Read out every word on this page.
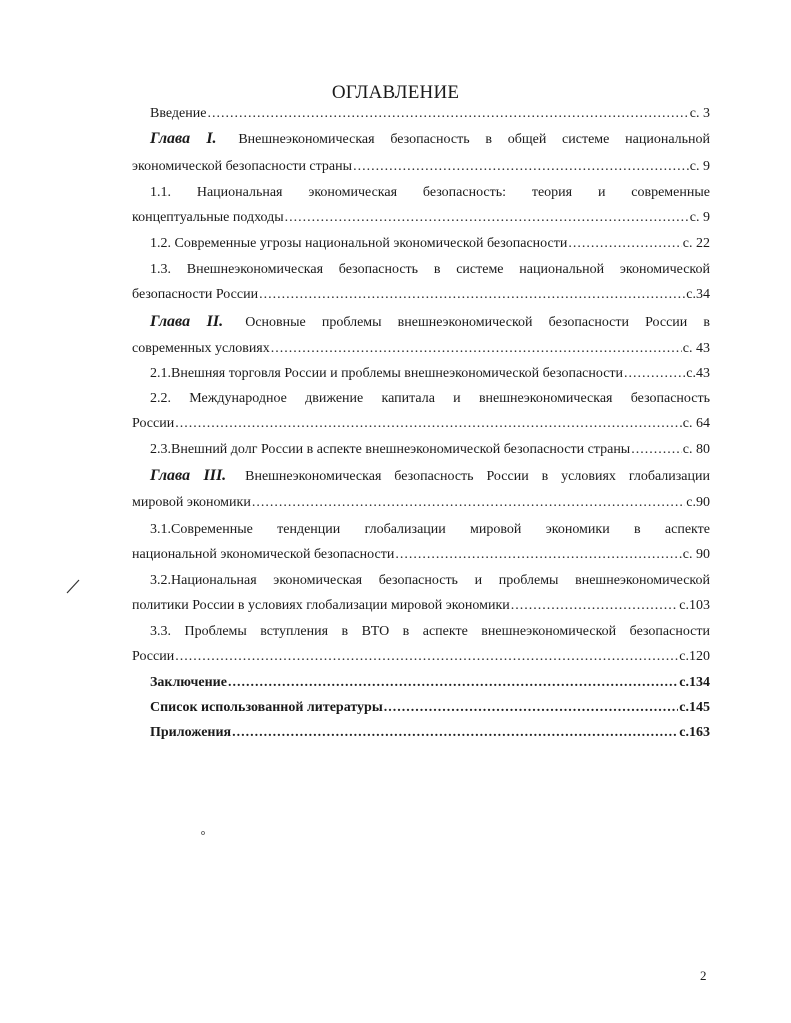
ОГЛАВЛЕНИЕ
Введение .....	с. 3
Глава I. Внешнеэкономическая безопасность в общей системе национальной
экономической безопасности страны .....	с. 9
1.1. Национальная экономическая безопасность: теория и современные
концептуальные подходы .....	с. 9
1.2. Современные угрозы национальной экономической безопасности .....	с. 22
1.3. Внешнеэкономическая безопасность в системе национальной экономической
безопасности России .....	с.34
Глава II. Основные проблемы внешнеэкономической безопасности России в
современных условиях .....	с. 43
2.1.Внешняя торговля России и проблемы внешнеэкономической безопасности .....	с.43
2.2. Международное движение капитала и внешнеэкономическая безопасность
России .....	с. 64
2.3.Внешний долг России в аспекте внешнеэкономической безопасности страны .....	с. 80
Глава III. Внешнеэкономическая безопасность России в условиях глобализации
мировой экономики .....	с.90
3.1.Современные тенденции глобализации мировой экономики в аспекте
национальной экономической безопасности .....	с. 90
3.2.Национальная экономическая безопасность и проблемы внешнеэкономической
политики России в условиях глобализации мировой экономики .....	с.103
3.3. Проблемы вступления в ВТО в аспекте внешнеэкономической безопасности
России .....	с.120
Заключение .....	с.134
Список использованной литературы .....	с.145
Приложения .....	с.163
2
